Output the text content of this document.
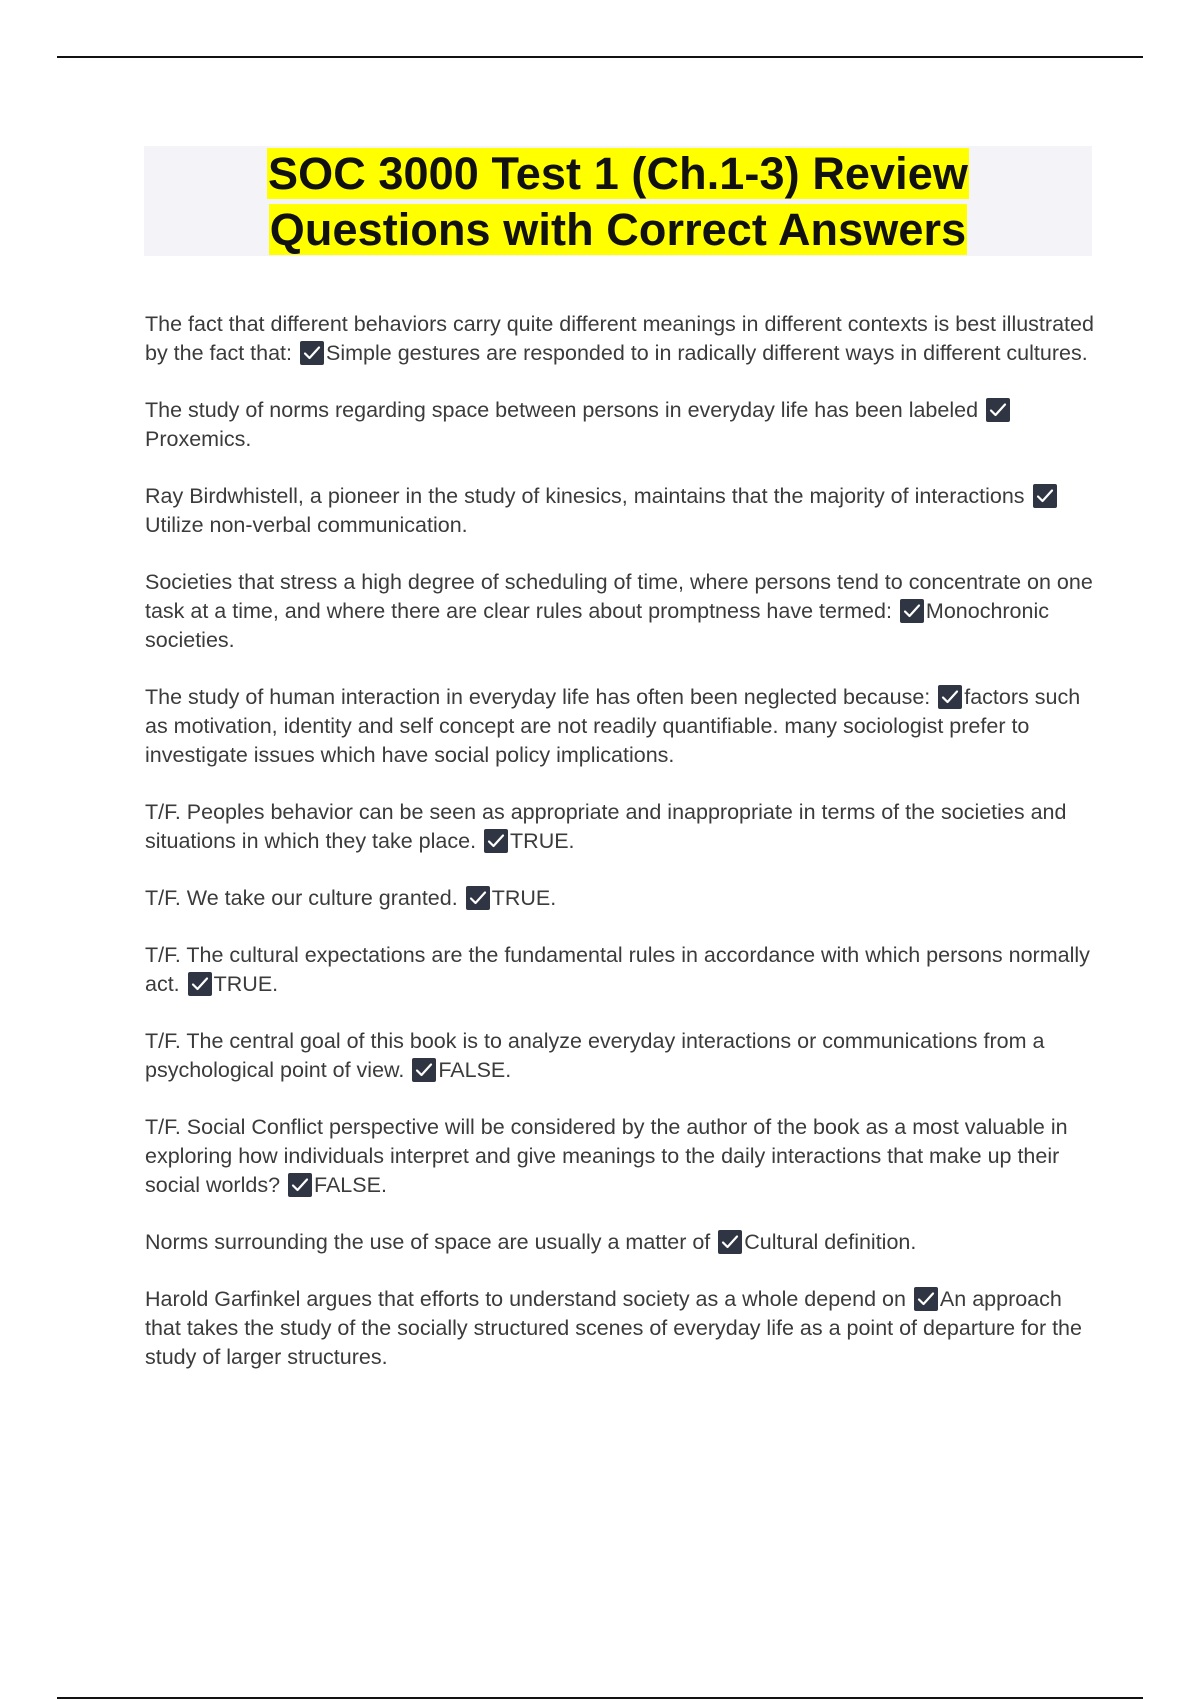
SOC 3000 Test 1 (Ch.1-3) Review
Questions with Correct Answers

The fact that different behaviors carry quite different meanings in different contexts is best illustrated by the fact that: Simple gestures are responded to in radically different ways in different cultures.

The study of norms regarding space between persons in everyday life has been labeled
Proxemics.

Ray Birdwhistell, a pioneer in the study of kinesics, maintains that the majority of interactions
Utilize non-verbal communication.

Societies that stress a high degree of scheduling of time, where persons tend to concentrate on one task at a time, and where there are clear rules about promptness have termed: Monochronic societies.

The study of human interaction in everyday life has often been neglected because: factors such as motivation, identity and self concept are not readily quantifiable. many sociologist prefer to investigate issues which have social policy implications.

T/F. Peoples behavior can be seen as appropriate and inappropriate in terms of the societies and situations in which they take place. TRUE.

T/F. We take our culture granted. TRUE.

T/F. The cultural expectations are the fundamental rules in accordance with which persons normally act. TRUE.

T/F. The central goal of this book is to analyze everyday interactions or communications from a psychological point of view. FALSE.

T/F. Social Conflict perspective will be considered by the author of the book as a most valuable in exploring how individuals interpret and give meanings to the daily interactions that make up their social worlds? FALSE.

Norms surrounding the use of space are usually a matter of Cultural definition.

Harold Garfinkel argues that efforts to understand society as a whole depend on An approach that takes the study of the socially structured scenes of everyday life as a point of departure for the study of larger structures.
